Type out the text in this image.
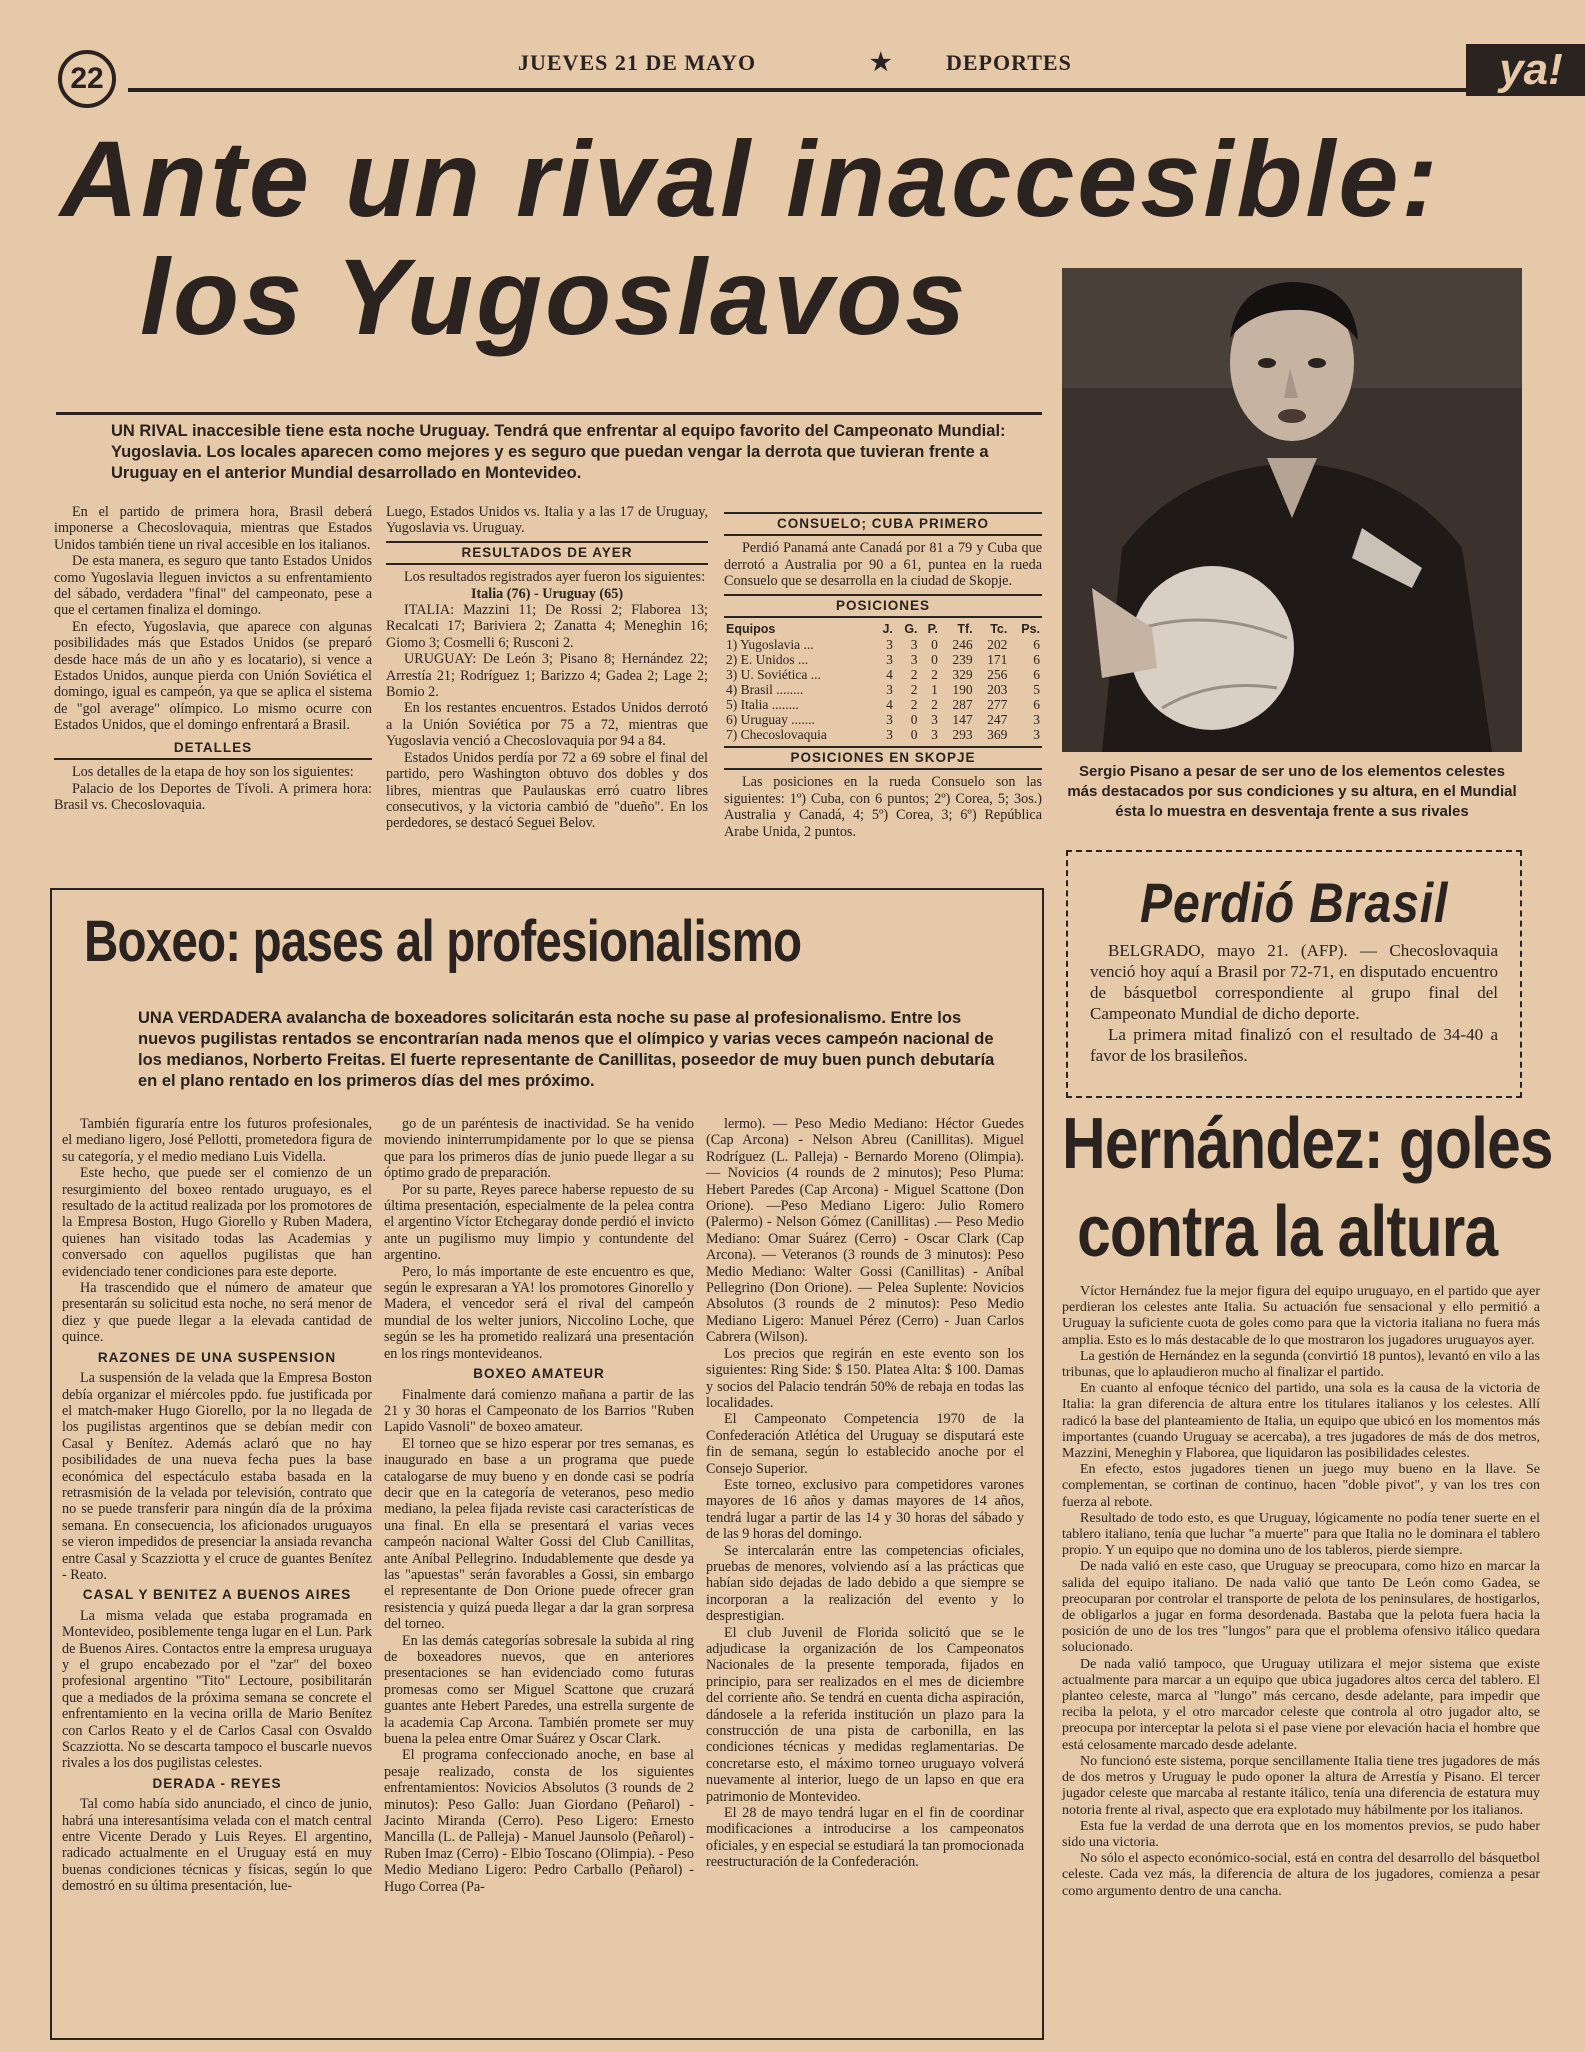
22	JUEVES 21 DE MAYO	★ DEPORTES	ya!
Ante un rival inaccesible:
los Yugoslavos
Sergio Pisano a pesar de ser uno de los elementos celestes más destacados por sus condiciones y su altura, en el Mundial ésta lo muestra en desventaja frente a sus rivales

UN RIVAL inaccesible tiene esta noche Uruguay. Tendrá que enfrentar al equipo favorito del Campeonato Mundial: Yugoslavia. Los locales aparecen como mejores y es seguro que puedan vengar la derrota que tuvieran frente a Uruguay en el anterior Mundial desarrollado en Montevideo.

En el partido de primera hora, Brasil deberá imponerse a Checoslovaquia, mientras que Estados Unidos también tiene un rival accesible en los italianos.

De esta manera, es seguro que tanto Estados Unidos como Yugoslavia lleguen invictos a su enfrentamiento del sábado, verdadera "final" del campeonato, pese a que el certamen finaliza el domingo.

En efecto, Yugoslavia, que aparece con algunas posibilidades más que Estados Unidos (se preparó desde hace más de un año y es locatario), si vence a Estados Unidos, aunque pierda con Unión Soviética el domingo, igual es campeón, ya que se aplica el sistema de "gol average" olímpico. Lo mismo ocurre con Estados Unidos, que el domingo enfrentará a Brasil.

DETALLES

Los detalles de la etapa de hoy son los siguientes:

Palacio de los Deportes de Tívoli. A primera hora: Brasil vs. Checoslovaquia.

Luego, Estados Unidos vs. Italia y a las 17 de Uruguay, Yugoslavia vs. Uruguay.

RESULTADOS DE AYER

Los resultados registrados ayer fueron los siguientes:

Italia (76) - Uruguay (65)

ITALIA: Mazzini 11; De Rossi 2; Flaborea 13; Recalcati 17; Bariviera 2; Zanatta 4; Meneghin 16; Giomo 3; Cosmelli 6; Rusconi 2.

URUGUAY: De León 3; Pisano 8; Hernández 22; Arrestía 21; Rodríguez 1; Barizzo 4; Gadea 2; Lage 2; Bomio 2.

En los restantes encuentros. Estados Unidos derrotó a la Unión Soviética por 75 a 72, mientras que Yugoslavia venció a Checoslovaquia por 94 a 84.

Estados Unidos perdía por 72 a 69 sobre el final del partido, pero Washington obtuvo dos dobles y dos libres, mientras que Paulauskas erró cuatro libres consecutivos, y la victoria cambió de "dueño". En los perdedores, se destacó Seguei Belov.

CONSUELO; CUBA PRIMERO

Perdió Panamá ante Canadá por 81 a 79 y Cuba que derrotó a Australia por 90 a 61, puntea en la rueda Consuelo que se desarrolla en la ciudad de Skopje.

POSICIONES
Equipos	J.	G.	P.	Tf.	Tc.	Ps.
1) Yugoslavia ...	3	3	0	246	202	6
2) E. Unidos ...	3	3	0	239	171	6
3) U. Soviética ...	4	2	2	329	256	6
4) Brasil ........	3	2	1	190	203	5
5) Italia ........	4	2	2	287	277	6
6) Uruguay .......	3	0	3	147	247	3
7) Checoslovaquia	3	0	3	293	369	3
POSICIONES EN SKOPJE

Las posiciones en la rueda Consuelo son las siguientes: 1º) Cuba, con 6 puntos; 2º) Corea, 5; 3os.) Australia y Canadá, 4; 5º) Corea, 3; 6º) República Arabe Unida, 2 puntos.

Boxeo: pases al profesionalismo

UNA VERDADERA avalancha de boxeadores solicitarán esta noche su pase al profesionalismo. Entre los nuevos pugilistas rentados se encontrarían nada menos que el olímpico y varias veces campeón nacional de los medianos, Norberto Freitas. El fuerte representante de Canillitas, poseedor de muy buen punch debutaría en el plano rentado en los primeros días del mes próximo.

También figuraría entre los futuros profesionales, el mediano ligero, José Pellotti, prometedora figura de su categoría, y el medio mediano Luis Vidella.

Este hecho, que puede ser el comienzo de un resurgimiento del boxeo rentado uruguayo, es el resultado de la actitud realizada por los promotores de la Empresa Boston, Hugo Giorello y Ruben Madera, quienes han visitado todas las Academias y conversado con aquellos pugilistas que han evidenciado tener condiciones para este deporte.

Ha trascendido que el número de amateur que presentarán su solicitud esta noche, no será menor de diez y que puede llegar a la elevada cantidad de quince.

RAZONES DE UNA SUSPENSION

La suspensión de la velada que la Empresa Boston debía organizar el miércoles ppdo. fue justificada por el match-maker Hugo Giorello, por la no llegada de los pugilistas argentinos que se debían medir con Casal y Benítez. Además aclaró que no hay posibilidades de una nueva fecha pues la base económica del espectáculo estaba basada en la retrasmisión de la velada por televisión, contrato que no se puede transferir para ningún día de la próxima semana. En consecuencia, los aficionados uruguayos se vieron impedidos de presenciar la ansiada revancha entre Casal y Scazziotta y el cruce de guantes Benítez - Reato.

CASAL Y BENITEZ A BUENOS AIRES

La misma velada que estaba programada en Montevideo, posiblemente tenga lugar en el Lun. Park de Buenos Aires. Contactos entre la empresa uruguaya y el grupo encabezado por el "zar" del boxeo profesional argentino "Tito" Lectoure, posibilitarán que a mediados de la próxima semana se concrete el enfrentamiento en la vecina orilla de Mario Benítez con Carlos Reato y el de Carlos Casal con Osvaldo Scazziotta. No se descarta tampoco el buscarle nuevos rivales a los dos pugilistas celestes.

DERADA - REYES

Tal como había sido anunciado, el cinco de junio, habrá una interesantísima velada con el match central entre Vicente Derado y Luis Reyes. El argentino, radicado actualmente en el Uruguay está en muy buenas condiciones técnicas y físicas, según lo que demostró en su última presentación, lue-

go de un paréntesis de inactividad. Se ha venido moviendo ininterrumpidamente por lo que se piensa que para los primeros días de junio puede llegar a su óptimo grado de preparación.

Por su parte, Reyes parece haberse repuesto de su última presentación, especialmente de la pelea contra el argentino Víctor Etchegaray donde perdió el invicto ante un pugilismo muy limpio y contundente del argentino.

Pero, lo más importante de este encuentro es que, según le expresaran a YA! los promotores Ginorello y Madera, el vencedor será el rival del campeón mundial de los welter juniors, Niccolino Loche, que según se les ha prometido realizará una presentación en los rings montevideanos.

BOXEO AMATEUR

Finalmente dará comienzo mañana a partir de las 21 y 30 horas el Campeonato de los Barrios "Ruben Lapido Vasnoli" de boxeo amateur.

El torneo que se hizo esperar por tres semanas, es inaugurado en base a un programa que puede catalogarse de muy bueno y en donde casi se podría decir que en la categoría de veteranos, peso medio mediano, la pelea fijada reviste casi características de una final. En ella se presentará el varias veces campeón nacional Walter Gossi del Club Canillitas, ante Aníbal Pellegrino. Indudablemente que desde ya las "apuestas" serán favorables a Gossi, sin embargo el representante de Don Orione puede ofrecer gran resistencia y quizá pueda llegar a dar la gran sorpresa del torneo.

En las demás categorías sobresale la subida al ring de boxeadores nuevos, que en anteriores presentaciones se han evidenciado como futuras promesas como ser Miguel Scattone que cruzará guantes ante Hebert Paredes, una estrella surgente de la academia Cap Arcona. También promete ser muy buena la pelea entre Omar Suárez y Oscar Clark.

El programa confeccionado anoche, en base al pesaje realizado, consta de los siguientes enfrentamientos: Novicios Absolutos (3 rounds de 2 minutos): Peso Gallo: Juan Giordano (Peñarol) - Jacinto Miranda (Cerro). Peso Ligero: Ernesto Mancilla (L. de Palleja) - Manuel Jaunsolo (Peñarol) - Ruben Imaz (Cerro) - Elbio Toscano (Olimpia). - Peso Medio Mediano Ligero: Pedro Carballo (Peñarol) - Hugo Correa (Pa-

lermo). — Peso Medio Mediano: Héctor Guedes (Cap Arcona) - Nelson Abreu (Canillitas). Miguel Rodríguez (L. Palleja) - Bernardo Moreno (Olimpia). — Novicios (4 rounds de 2 minutos); Peso Pluma: Hebert Paredes (Cap Arcona) - Miguel Scattone (Don Orione). —Peso Mediano Ligero: Julio Romero (Palermo) - Nelson Gómez (Canillitas) .— Peso Medio Mediano: Omar Suárez (Cerro) - Oscar Clark (Cap Arcona). — Veteranos (3 rounds de 3 minutos): Peso Medio Mediano: Walter Gossi (Canillitas) - Aníbal Pellegrino (Don Orione). — Pelea Suplente: Novicios Absolutos (3 rounds de 2 minutos): Peso Medio Mediano Ligero: Manuel Pérez (Cerro) - Juan Carlos Cabrera (Wilson).

Los precios que regirán en este evento son los siguientes: Ring Side: $ 150. Platea Alta: $ 100. Damas y socios del Palacio tendrán 50% de rebaja en todas las localidades.

El Campeonato Competencia 1970 de la Confederación Atlética del Uruguay se disputará este fin de semana, según lo establecido anoche por el Consejo Superior.

Este torneo, exclusivo para competidores varones mayores de 16 años y damas mayores de 14 años, tendrá lugar a partir de las 14 y 30 horas del sábado y de las 9 horas del domingo.

Se intercalarán entre las competencias oficiales, pruebas de menores, volviendo así a las prácticas que habían sido dejadas de lado debido a que siempre se incorporan a la realización del evento y lo desprestigian.

El club Juvenil de Florida solicitó que se le adjudicase la organización de los Campeonatos Nacionales de la presente temporada, fijados en principio, para ser realizados en el mes de diciembre del corriente año. Se tendrá en cuenta dicha aspiración, dándosele a la referida institución un plazo para la construcción de una pista de carbonilla, en las condiciones técnicas y medidas reglamentarias. De concretarse esto, el máximo torneo uruguayo volverá nuevamente al interior, luego de un lapso en que era patrimonio de Montevideo.

El 28 de mayo tendrá lugar en el fin de coordinar modificaciones a introducirse a los campeonatos oficiales, y en especial se estudiará la tan promocionada reestructuración de la Confederación.

Perdió Brasil

BELGRADO, mayo 21. (AFP). — Checoslovaquia venció hoy aquí a Brasil por 72-71, en disputado encuentro de básquetbol correspondiente al grupo final del Campeonato Mundial de dicho deporte.

La primera mitad finalizó con el resultado de 34-40 a favor de los brasileños.

Hernández: goles
contra la altura

Víctor Hernández fue la mejor figura del equipo uruguayo, en el partido que ayer perdieran los celestes ante Italia. Su actuación fue sensacional y ello permitió a Uruguay la suficiente cuota de goles como para que la victoria italiana no fuera más amplia. Esto es lo más destacable de lo que mostraron los jugadores uruguayos ayer.

La gestión de Hernández en la segunda (convirtió 18 puntos), levantó en vilo a las tribunas, que lo aplaudieron mucho al finalizar el partido.

En cuanto al enfoque técnico del partido, una sola es la causa de la victoria de Italia: la gran diferencia de altura entre los titulares italianos y los celestes. Allí radicó la base del planteamiento de Italia, un equipo que ubicó en los momentos más importantes (cuando Uruguay se acercaba), a tres jugadores de más de dos metros, Mazzini, Meneghin y Flaborea, que liquidaron las posibilidades celestes.

En efecto, estos jugadores tienen un juego muy bueno en la llave. Se complementan, se cortinan de continuo, hacen "doble pivot", y van los tres con fuerza al rebote.

Resultado de todo esto, es que Uruguay, lógicamente no podía tener suerte en el tablero italiano, tenía que luchar "a muerte" para que Italia no le dominara el tablero propio. Y un equipo que no domina uno de los tableros, pierde siempre.

De nada valió en este caso, que Uruguay se preocupara, como hizo en marcar la salida del equipo italiano. De nada valió que tanto De León como Gadea, se preocuparan por controlar el transporte de pelota de los peninsulares, de hostigarlos, de obligarlos a jugar en forma desordenada. Bastaba que la pelota fuera hacia la posición de uno de los tres "lungos" para que el problema ofensivo itálico quedara solucionado.

De nada valió tampoco, que Uruguay utilizara el mejor sistema que existe actualmente para marcar a un equipo que ubica jugadores altos cerca del tablero. El planteo celeste, marca al "lungo" más cercano, desde adelante, para impedir que reciba la pelota, y el otro marcador celeste que controla al otro jugador alto, se preocupa por interceptar la pelota si el pase viene por elevación hacia el hombre que está celosamente marcado desde adelante.

No funcionó este sistema, porque sencillamente Italia tiene tres jugadores de más de dos metros y Uruguay le pudo oponer la altura de Arrestía y Pisano. El tercer jugador celeste que marcaba al restante itálico, tenía una diferencia de estatura muy notoria frente al rival, aspecto que era explotado muy hábilmente por los italianos.

Esta fue la verdad de una derrota que en los momentos previos, se pudo haber sido una victoria.

No sólo el aspecto económico-social, está en contra del desarrollo del básquetbol celeste. Cada vez más, la diferencia de altura de los jugadores, comienza a pesar como argumento dentro de una cancha.
